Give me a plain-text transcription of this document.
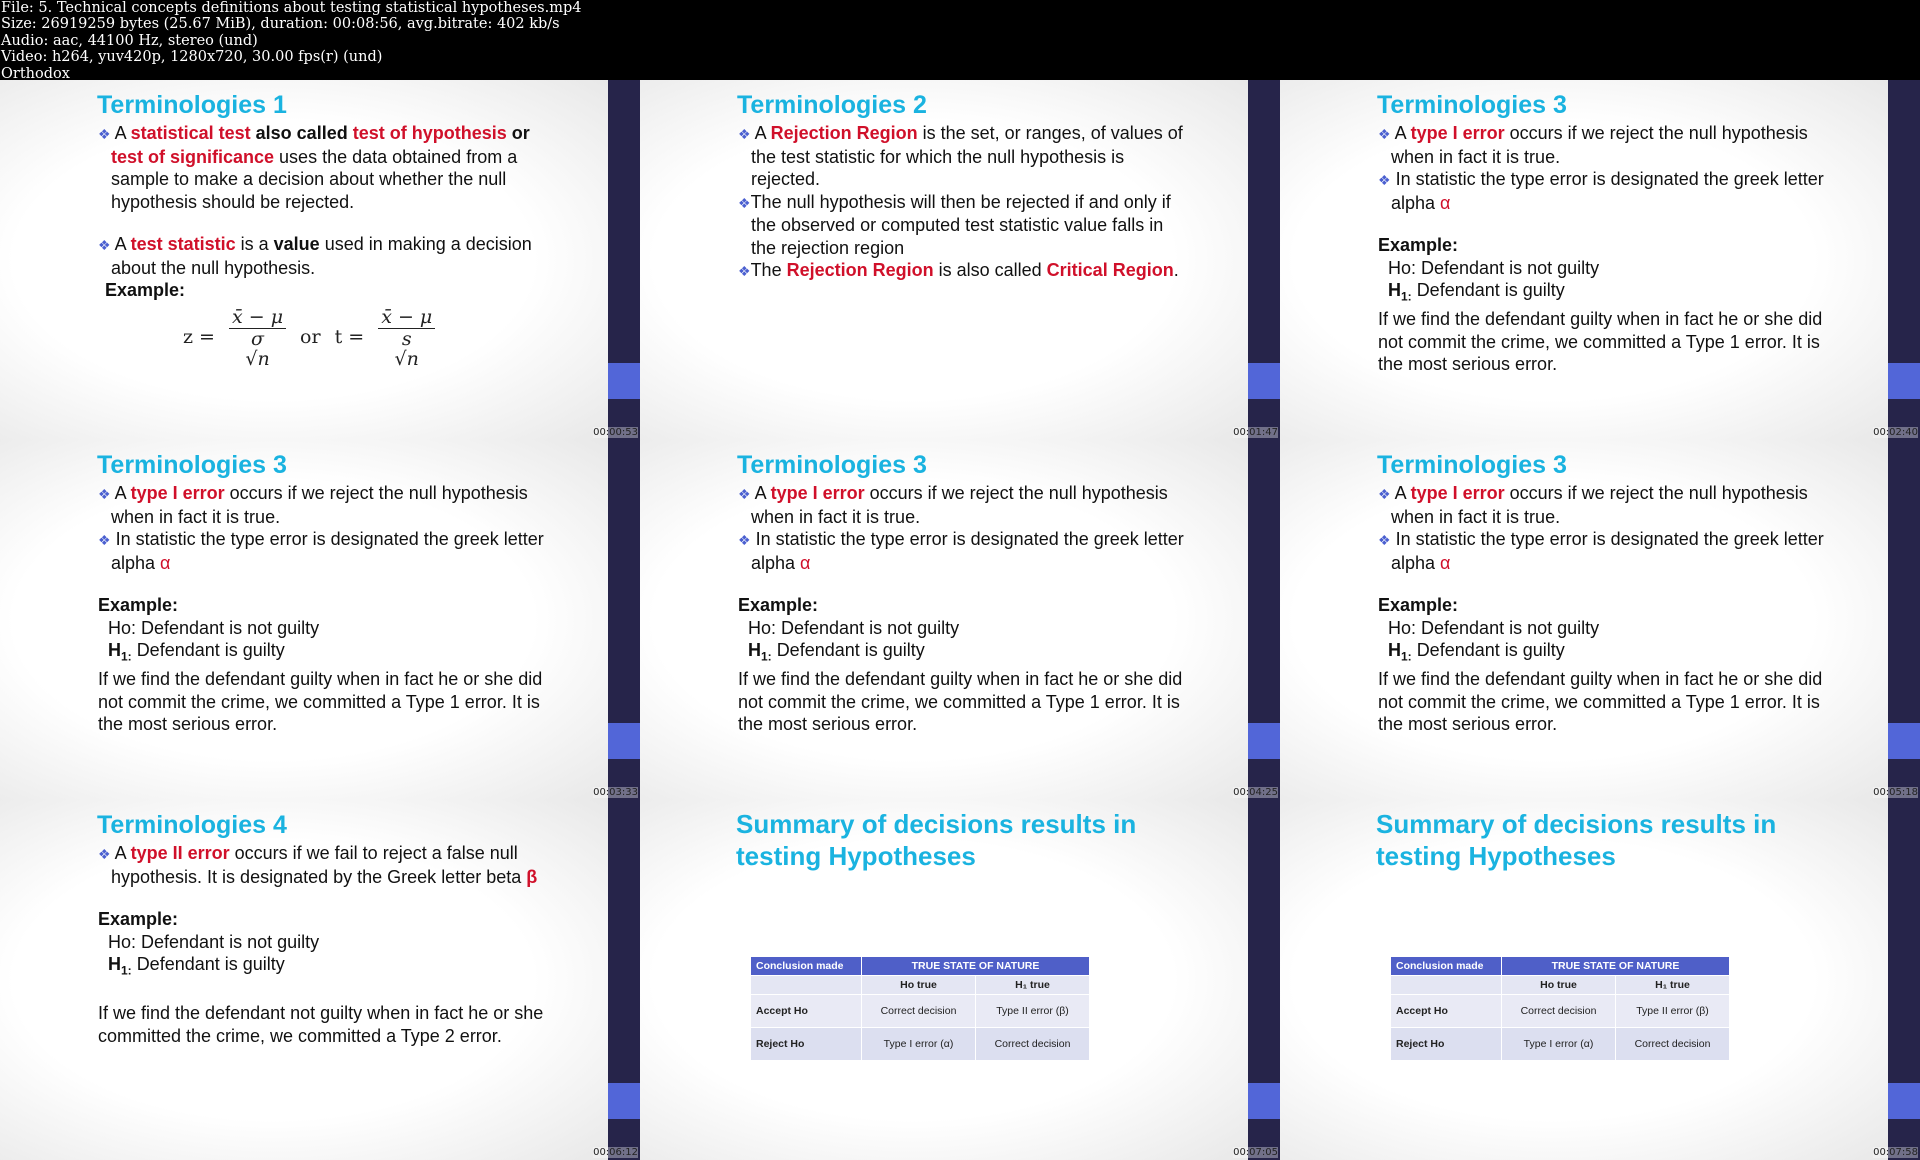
File: 5. Technical concepts definitions about testing statistical hypotheses.mp4
Size: 26919259 bytes (25.67 MiB), duration: 00:08:56, avg.bitrate: 402 kb/s
Audio: aac, 44100 Hz, stereo (und)
Video: h264, yuv420p, 1280x720, 30.00 fps(r) (und)
Orthodox
Terminologies 1

❖ A statistical test also called test of hypothesis or test of significance uses the data obtained from a sample to make a decision about whether the null hypothesis should be rejected.

❖ A test statistic is a value used in making a decision about the null hypothesis.

Example:

z =
x̄ − μ
σ
√n
or t =
x̄ − μ
s
√n
00:00:53
Terminologies 2

❖ A Rejection Region is the set, or ranges, of values of the test statistic for which the null hypothesis is rejected.

❖The null hypothesis will then be rejected if and only if the observed or computed test statistic value falls in the rejection region

❖The Rejection Region is also called Critical Region.

00:01:47
Terminologies 3

❖ A type I error occurs if we reject the null hypothesis when in fact it is true.

❖ In statistic the type error is designated the greek letter alpha α

Example:

Ho: Defendant is not guilty

$H_{1:}$ Defendant is guilty

If we find the defendant guilty when in fact he or she did not commit the crime, we committed a Type 1 error. It is the most serious error.

00:02:40
Terminologies 3

❖ A type I error occurs if we reject the null hypothesis when in fact it is true.

❖ In statistic the type error is designated the greek letter alpha α

Example:

Ho: Defendant is not guilty

$H_{1:}$ Defendant is guilty

If we find the defendant guilty when in fact he or she did not commit the crime, we committed a Type 1 error. It is the most serious error.

00:03:33
Terminologies 3

❖ A type I error occurs if we reject the null hypothesis when in fact it is true.

❖ In statistic the type error is designated the greek letter alpha α

Example:

Ho: Defendant is not guilty

$H_{1:}$ Defendant is guilty

If we find the defendant guilty when in fact he or she did not commit the crime, we committed a Type 1 error. It is the most serious error.

00:04:25
Terminologies 3

❖ A type I error occurs if we reject the null hypothesis when in fact it is true.

❖ In statistic the type error is designated the greek letter alpha α

Example:

Ho: Defendant is not guilty

$H_{1:}$ Defendant is guilty

If we find the defendant guilty when in fact he or she did not commit the crime, we committed a Type 1 error. It is the most serious error.

00:05:18
Terminologies 4

❖ A type II error occurs if we fail to reject a false null hypothesis. It is designated by the Greek letter beta β

Example:

Ho: Defendant is not guilty

$H_{1:}$ Defendant is guilty

If we find the defendant not guilty when in fact he or she committed the crime, we committed a Type 2 error.

00:06:12
Summary of decisions results in testing Hypotheses
Conclusion made	TRUE STATE OF NATURE	
	Ho true	H₁ true
Accept Ho	Correct decision	Type II error (β)
Reject Ho	Type I error (α)	Correct decision
00:07:05
Summary of decisions results in testing Hypotheses
Conclusion made	TRUE STATE OF NATURE	
	Ho true	H₁ true
Accept Ho	Correct decision	Type II error (β)
Reject Ho	Type I error (α)	Correct decision
00:07:58
